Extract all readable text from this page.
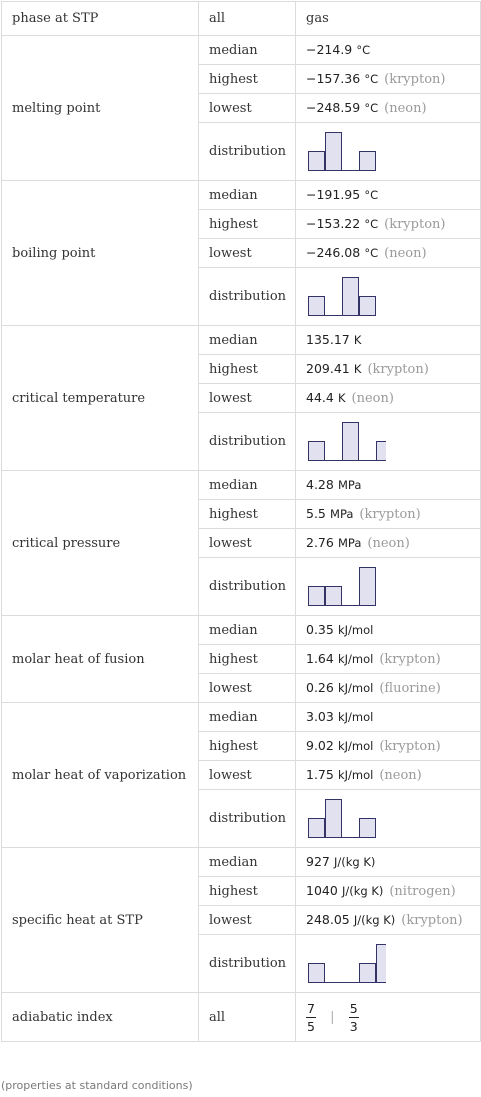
phase at STP	all	gas
melting point	median	−214.9 °C
	highest	−157.36 °C (krypton)
	lowest	−248.59 °C (neon)
	distribution	

boiling point	median	−191.95 °C
	highest	−153.22 °C (krypton)
	lowest	−246.08 °C (neon)
	distribution	

critical temperature	median	135.17 K
	highest	209.41 K (krypton)
	lowest	44.4 K (neon)
	distribution	

critical pressure	median	4.28 MPa
	highest	5.5 MPa (krypton)
	lowest	2.76 MPa (neon)
	distribution	

molar heat of fusion	median	0.35 kJ/mol
	highest	1.64 kJ/mol (krypton)
	lowest	0.26 kJ/mol (fluorine)
molar heat of vaporization	median	3.03 kJ/mol
	highest	9.02 kJ/mol (krypton)
	lowest	1.75 kJ/mol (neon)
	distribution	

specific heat at STP	median	927 J/(kg K)
	highest	1040 J/(kg K) (nitrogen)
	lowest	248.05 J/(kg K) (krypton)
	distribution	

adiabatic index	all	$\frac{7}{5}$ | $\frac{5}{3}$
(properties at standard conditions)
